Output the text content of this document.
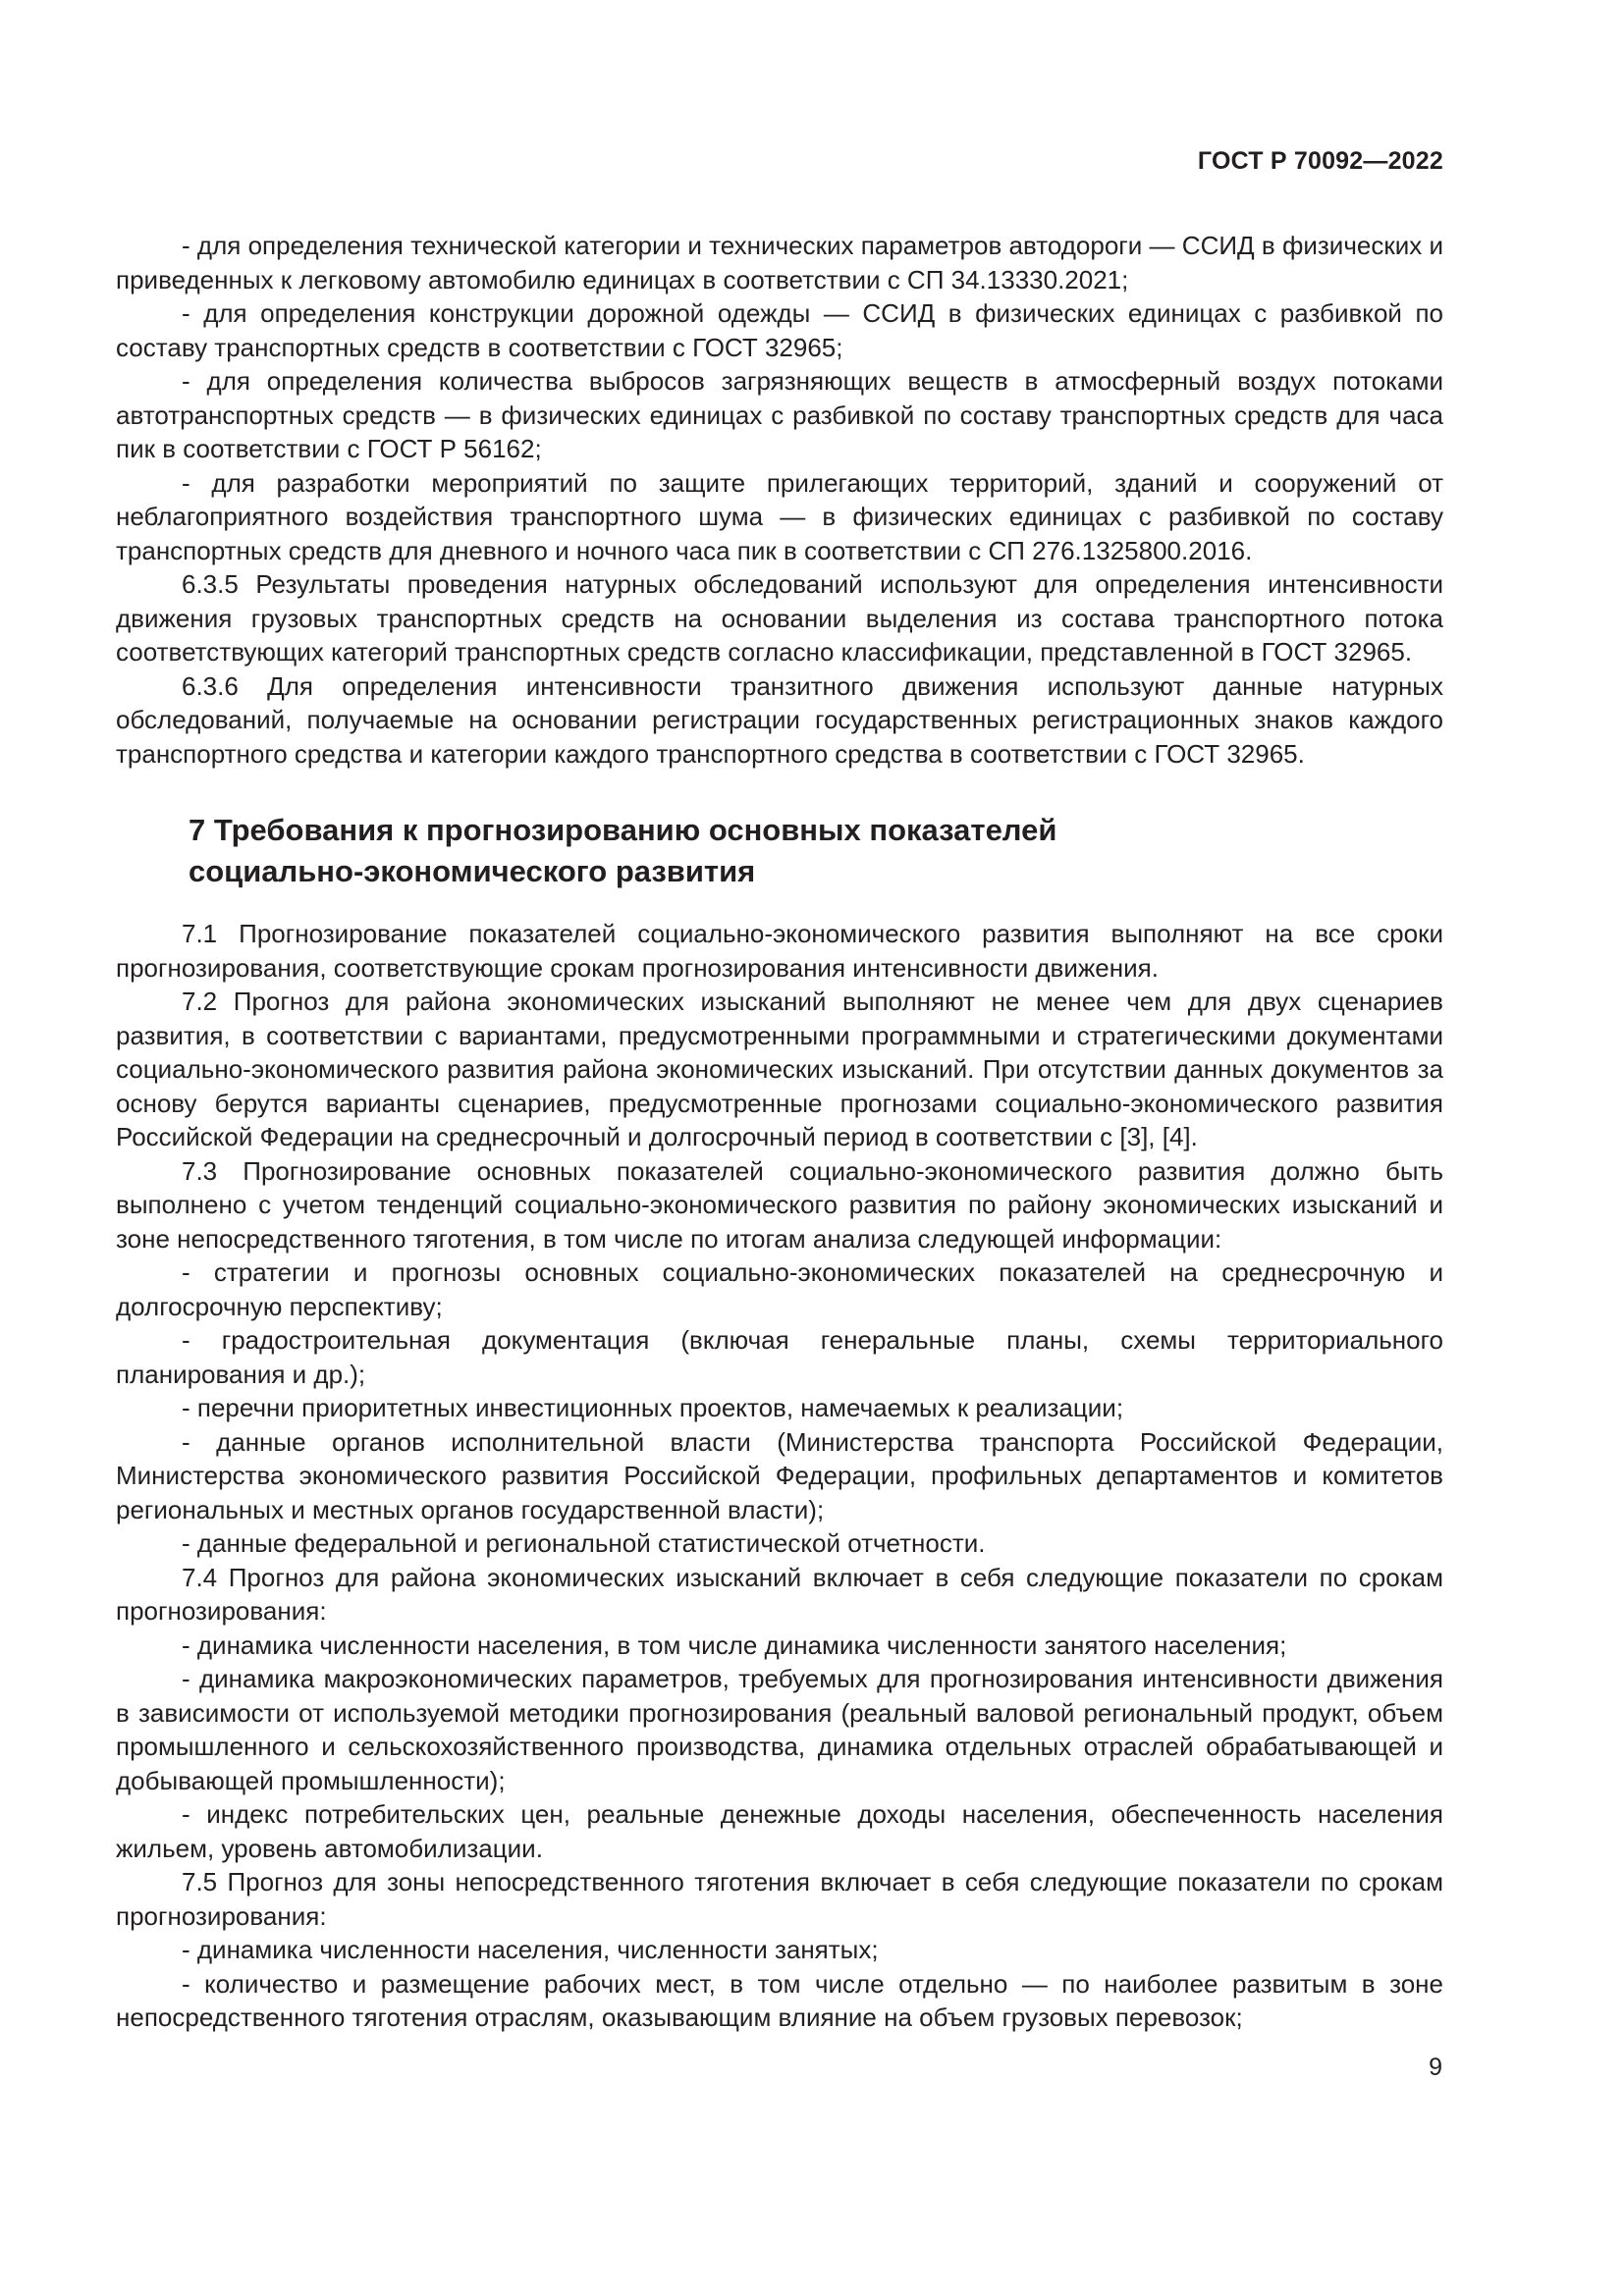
ГОСТ Р 70092—2022

- для определения технической категории и технических параметров автодороги — ССИД в физических и приведенных к легковому автомобилю единицах в соответствии с СП 34.13330.2021;

- для определения конструкции дорожной одежды — ССИД в физических единицах с разбивкой по составу транспортных средств в соответствии с ГОСТ 32965;

- для определения количества выбросов загрязняющих веществ в атмосферный воздух потоками автотранспортных средств — в физических единицах с разбивкой по составу транспортных средств для часа пик в соответствии с ГОСТ Р 56162;

- для разработки мероприятий по защите прилегающих территорий, зданий и сооружений от неблагоприятного воздействия транспортного шума — в физических единицах с разбивкой по составу транспортных средств для дневного и ночного часа пик в соответствии с СП 276.1325800.2016.

6.3.5 Результаты проведения натурных обследований используют для определения интенсивности движения грузовых транспортных средств на основании выделения из состава транспортного потока соответствующих категорий транспортных средств согласно классификации, представленной в ГОСТ 32965.

6.3.6 Для определения интенсивности транзитного движения используют данные натурных обследований, получаемые на основании регистрации государственных регистрационных знаков каждого транспортного средства и категории каждого транспортного средства в соответствии с ГОСТ 32965.

7 Требования к прогнозированию основных показателей
социально-экономического развития

7.1 Прогнозирование показателей социально-экономического развития выполняют на все сроки прогнозирования, соответствующие срокам прогнозирования интенсивности движения.

7.2 Прогноз для района экономических изысканий выполняют не менее чем для двух сценариев развития, в соответствии с вариантами, предусмотренными программными и стратегическими документами социально-экономического развития района экономических изысканий. При отсутствии данных документов за основу берутся варианты сценариев, предусмотренные прогнозами социально-экономического развития Российской Федерации на среднесрочный и долгосрочный период в соответствии с [3], [4].

7.3 Прогнозирование основных показателей социально-экономического развития должно быть выполнено с учетом тенденций социально-экономического развития по району экономических изысканий и зоне непосредственного тяготения, в том числе по итогам анализа следующей информации:

- стратегии и прогнозы основных социально-экономических показателей на среднесрочную и долгосрочную перспективу;

- градостроительная документация (включая генеральные планы, схемы территориального планирования и др.);

- перечни приоритетных инвестиционных проектов, намечаемых к реализации;

- данные органов исполнительной власти (Министерства транспорта Российской Федерации, Министерства экономического развития Российской Федерации, профильных департаментов и комитетов региональных и местных органов государственной власти);

- данные федеральной и региональной статистической отчетности.

7.4 Прогноз для района экономических изысканий включает в себя следующие показатели по срокам прогнозирования:

- динамика численности населения, в том числе динамика численности занятого населения;

- динамика макроэкономических параметров, требуемых для прогнозирования интенсивности движения в зависимости от используемой методики прогнозирования (реальный валовой региональный продукт, объем промышленного и сельскохозяйственного производства, динамика отдельных отраслей обрабатывающей и добывающей промышленности);

- индекс потребительских цен, реальные денежные доходы населения, обеспеченность населения жильем, уровень автомобилизации.

7.5 Прогноз для зоны непосредственного тяготения включает в себя следующие показатели по срокам прогнозирования:

- динамика численности населения, численности занятых;

- количество и размещение рабочих мест, в том числе отдельно — по наиболее развитым в зоне непосредственного тяготения отраслям, оказывающим влияние на объем грузовых перевозок;

9
